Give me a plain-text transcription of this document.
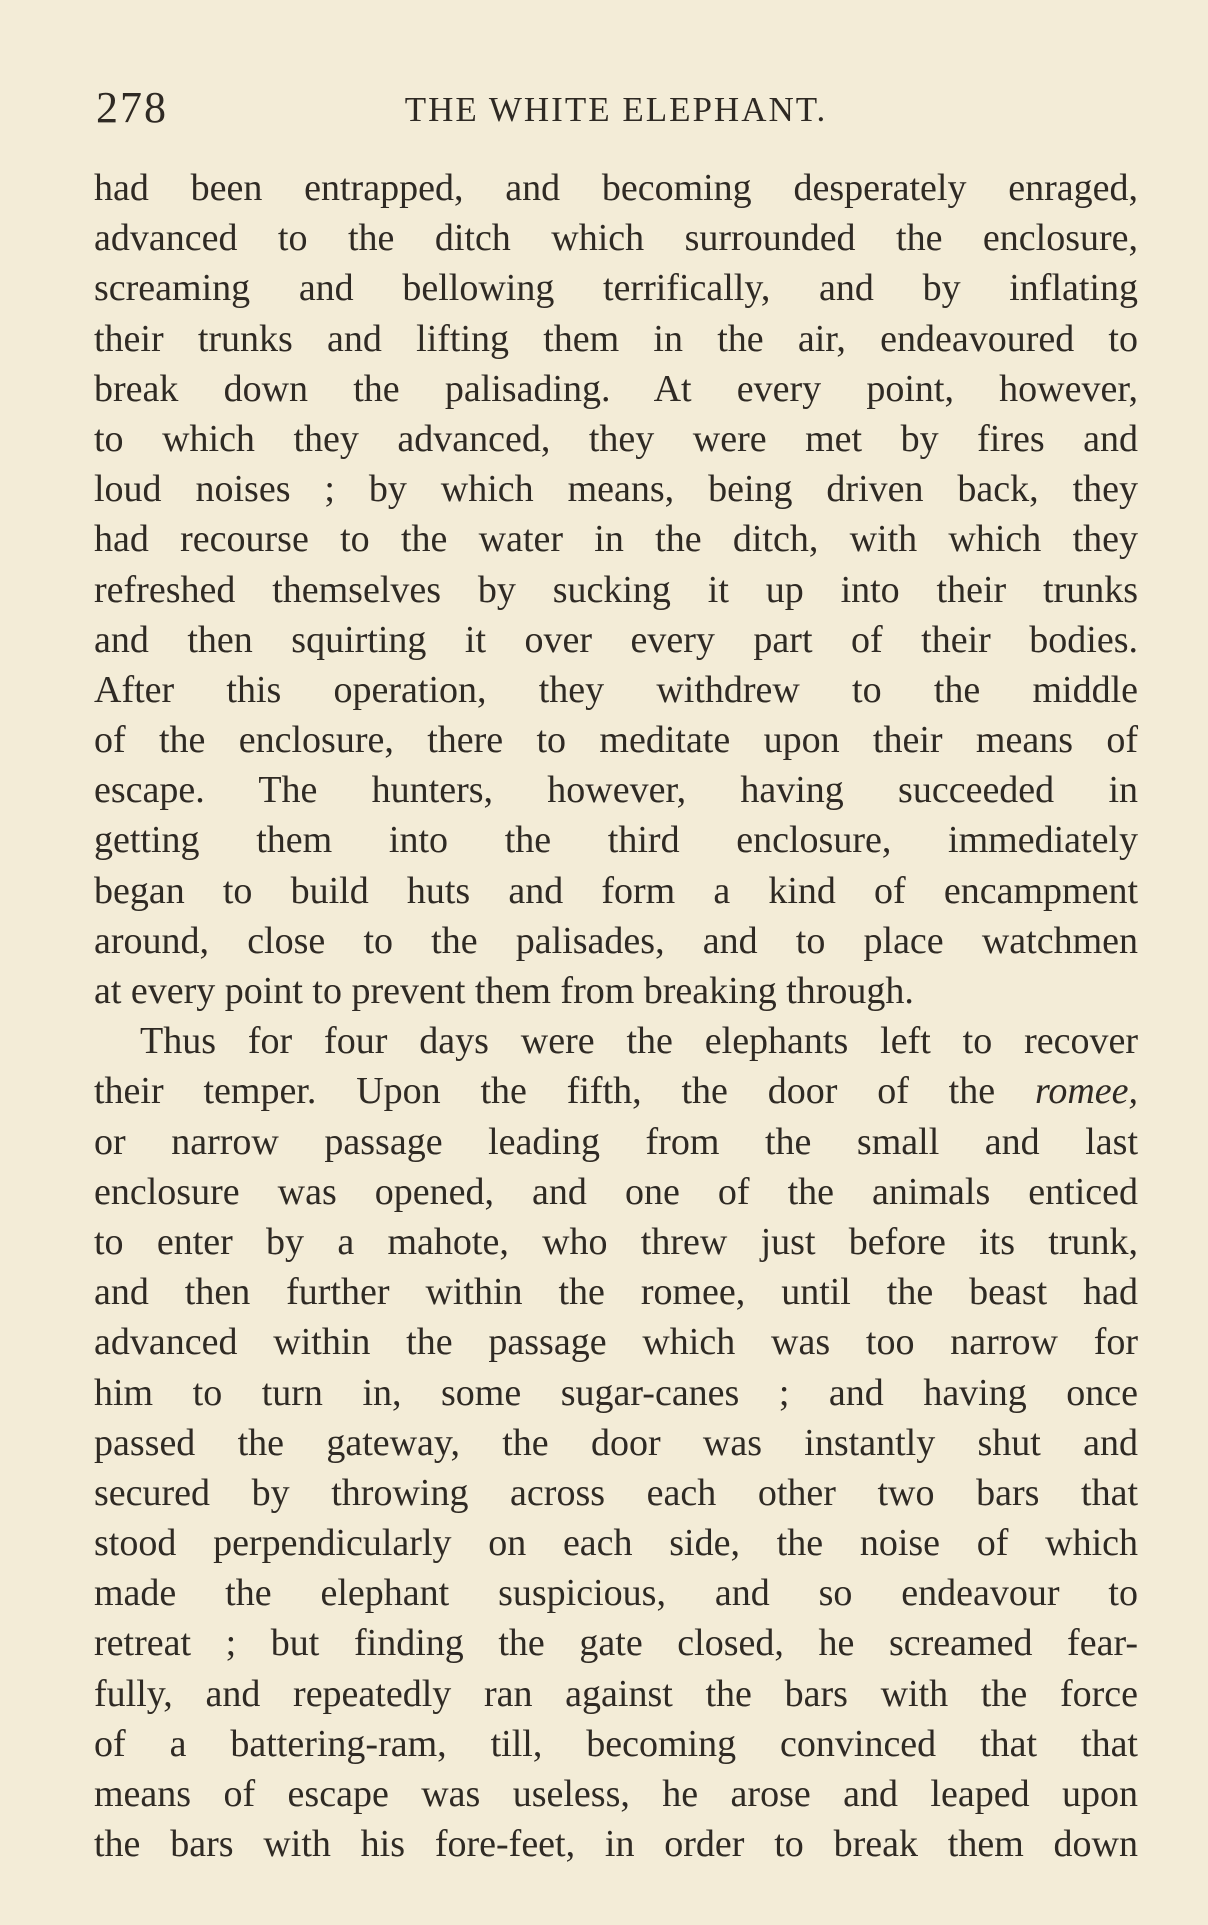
278	THE WHITE ELEPHANT.
had been entrapped, and becoming desperately enraged,
advanced to the ditch which surrounded the enclosure,
screaming and bellowing terrifically, and by inflating
their trunks and lifting them in the air, endeavoured to
break down the palisading. At every point, however,
to which they advanced, they were met by fires and
loud noises ; by which means, being driven back, they
had recourse to the water in the ditch, with which they
refreshed themselves by sucking it up into their trunks
and then squirting it over every part of their bodies.
After this operation, they withdrew to the middle
of the enclosure, there to meditate upon their means of
escape. The hunters, however, having succeeded in
getting them into the third enclosure, immediately
began to build huts and form a kind of encampment
around, close to the palisades, and to place watchmen
at every point to prevent them from breaking through.
Thus for four days were the elephants left to recover
their temper. Upon the fifth, the door of the romee,
or narrow passage leading from the small and last
enclosure was opened, and one of the animals enticed
to enter by a mahote, who threw just before its trunk,
and then further within the romee, until the beast had
advanced within the passage which was too narrow for
him to turn in, some sugar-canes ; and having once
passed the gateway, the door was instantly shut and
secured by throwing across each other two bars that
stood perpendicularly on each side, the noise of which
made the elephant suspicious, and so endeavour to
retreat ; but finding the gate closed, he screamed fear-
fully, and repeatedly ran against the bars with the force
of a battering-ram, till, becoming convinced that that
means of escape was useless, he arose and leaped upon
the bars with his fore-feet, in order to break them down
